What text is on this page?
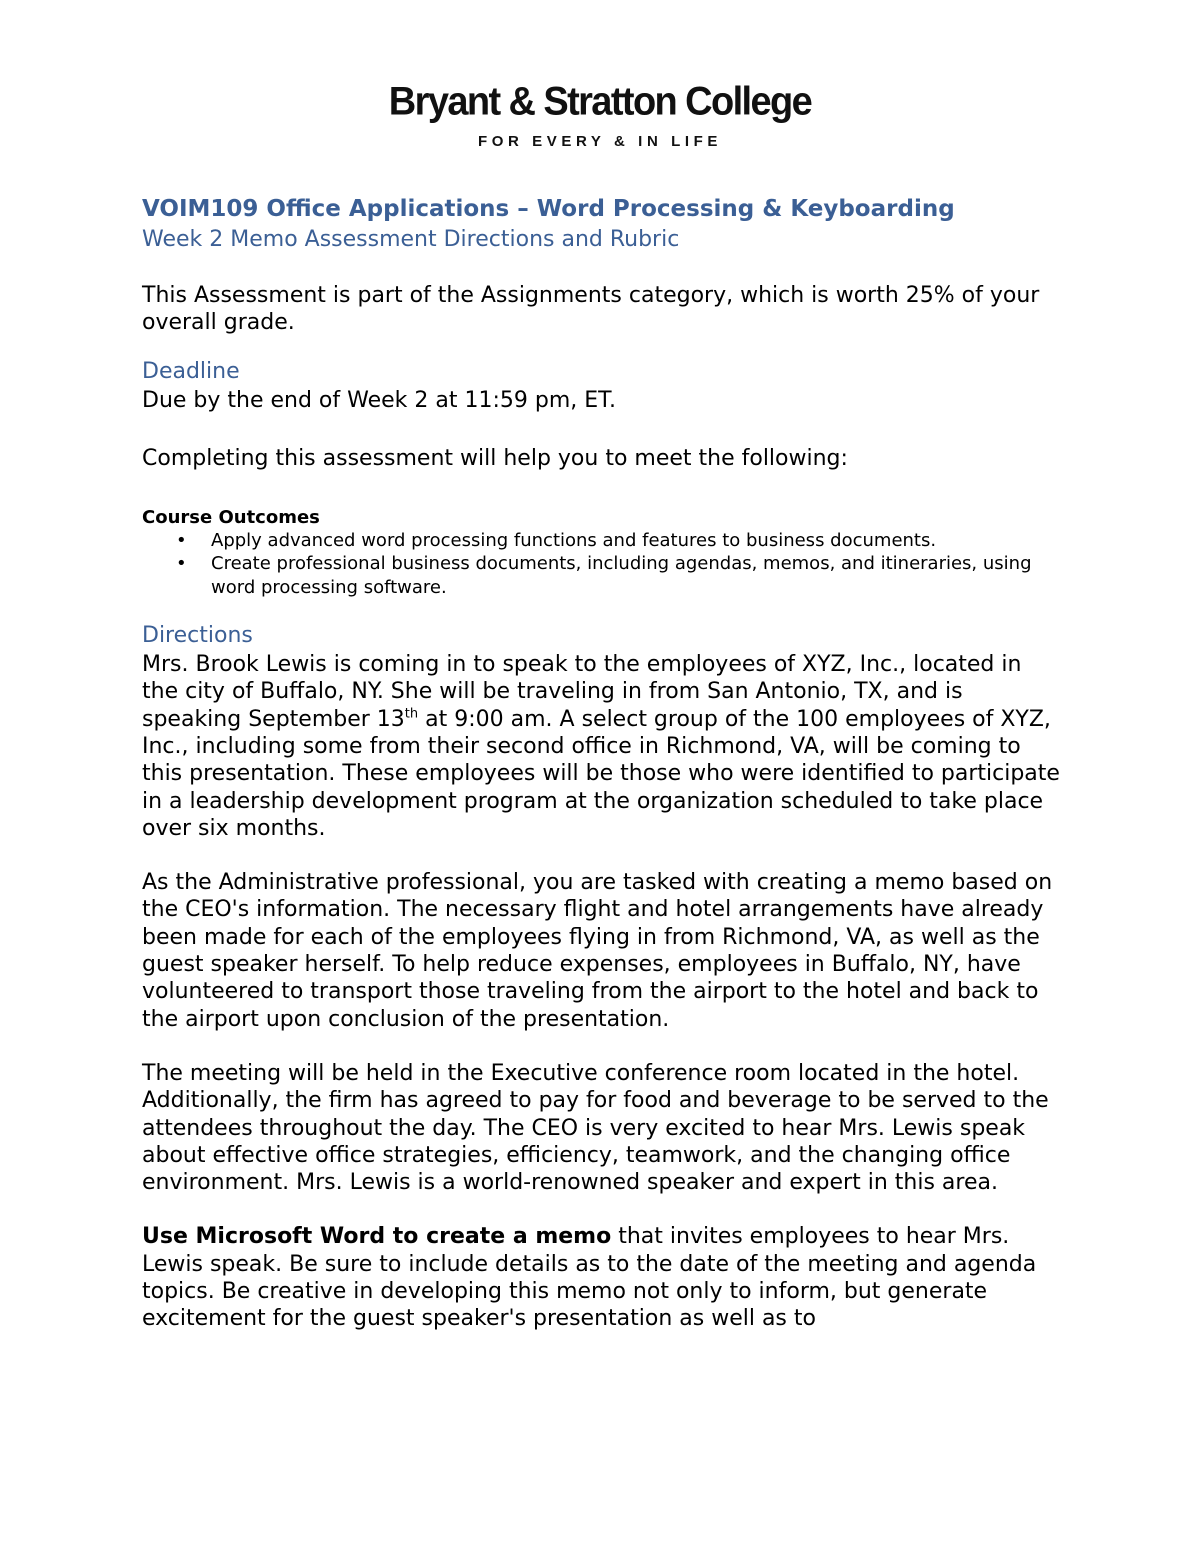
Bryant & Stratton College
FOR EVERY & IN LIFE

VOIM109 Office Applications – Word Processing & Keyboarding

Week 2 Memo Assessment Directions and Rubric

This Assessment is part of the Assignments category, which is worth 25% of your overall grade.

Deadline

Due by the end of Week 2 at 11:59 pm, ET.

Completing this assessment will help you to meet the following:

Course Outcomes

• Apply advanced word processing functions and features to business documents.
• Create professional business documents, including agendas, memos, and itineraries, using word processing software.

Directions

Mrs. Brook Lewis is coming in to speak to the employees of XYZ, Inc., located in the city of Buffalo, NY. She will be traveling in from San Antonio, TX, and is speaking September 13th at 9:00 am. A select group of the 100 employees of XYZ, Inc., including some from their second office in Richmond, VA, will be coming to this presentation. These employees will be those who were identified to participate in a leadership development program at the organization scheduled to take place over six months.

As the Administrative professional, you are tasked with creating a memo based on the CEO's information. The necessary flight and hotel arrangements have already been made for each of the employees flying in from Richmond, VA, as well as the guest speaker herself. To help reduce expenses, employees in Buffalo, NY, have volunteered to transport those traveling from the airport to the hotel and back to the airport upon conclusion of the presentation.

The meeting will be held in the Executive conference room located in the hotel. Additionally, the firm has agreed to pay for food and beverage to be served to the attendees throughout the day. The CEO is very excited to hear Mrs. Lewis speak about effective office strategies, efficiency, teamwork, and the changing office environment. Mrs. Lewis is a world-renowned speaker and expert in this area.

Use Microsoft Word to create a memo that invites employees to hear Mrs. Lewis speak. Be sure to include details as to the date of the meeting and agenda topics. Be creative in developing this memo not only to inform, but generate excitement for the guest speaker's presentation as well as to
